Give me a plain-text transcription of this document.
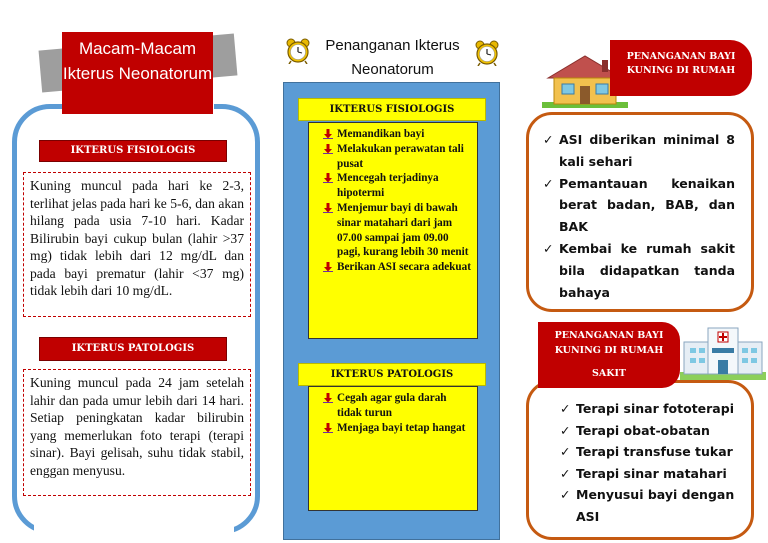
Macam-Macam Ikterus Neonatorum
IKTERUS FISIOLOGIS
Kuning muncul pada hari ke 2-3, terlihat jelas pada hari ke 5-6, dan akan hilang pada usia 7-10 hari. Kadar Bilirubin bayi cukup bulan (lahir >37 mg) tidak lebih dari 12 mg/dL dan pada bayi prematur (lahir <37 mg) tidak lebih dari 10 mg/dL.
IKTERUS PATOLOGIS
Kuning muncul pada 24 jam setelah lahir dan pada umur lebih dari 14 hari. Setiap peningkatan kadar bilirubin yang memerlukan foto terapi (terapi sinar). Bayi gelisah, suhu tidak stabil, enggan menyusu.
Penanganan Ikterus
Neonatorum
IKTERUS FISIOLOGIS
Memandikan bayi
Melakukan perawatan tali pusat
Mencegah terjadinya hipotermi
Menjemur bayi di bawah sinar matahari dari jam 07.00 sampai jam 09.00 pagi, kurang lebih 30 menit
Berikan ASI secara adekuat
IKTERUS PATOLOGIS
Cegah agar gula darah tidak turun
Menjaga bayi tetap hangat
PENANGANAN BAYI KUNING DI RUMAH
✓ ASI diberikan minimal 8 kali sehari
✓ Pemantauan kenaikan berat badan, BAB, dan BAK
✓ Kembai ke rumah sakit bila didapatkan tanda bahaya
PENANGANAN BAYI
KUNING DI RUMAH
SAKIT
✓ Terapi sinar fototerapi
✓ Terapi obat-obatan
✓ Terapi transfuse tukar
✓ Terapi sinar matahari
✓ Menyusui bayi dengan ASI
